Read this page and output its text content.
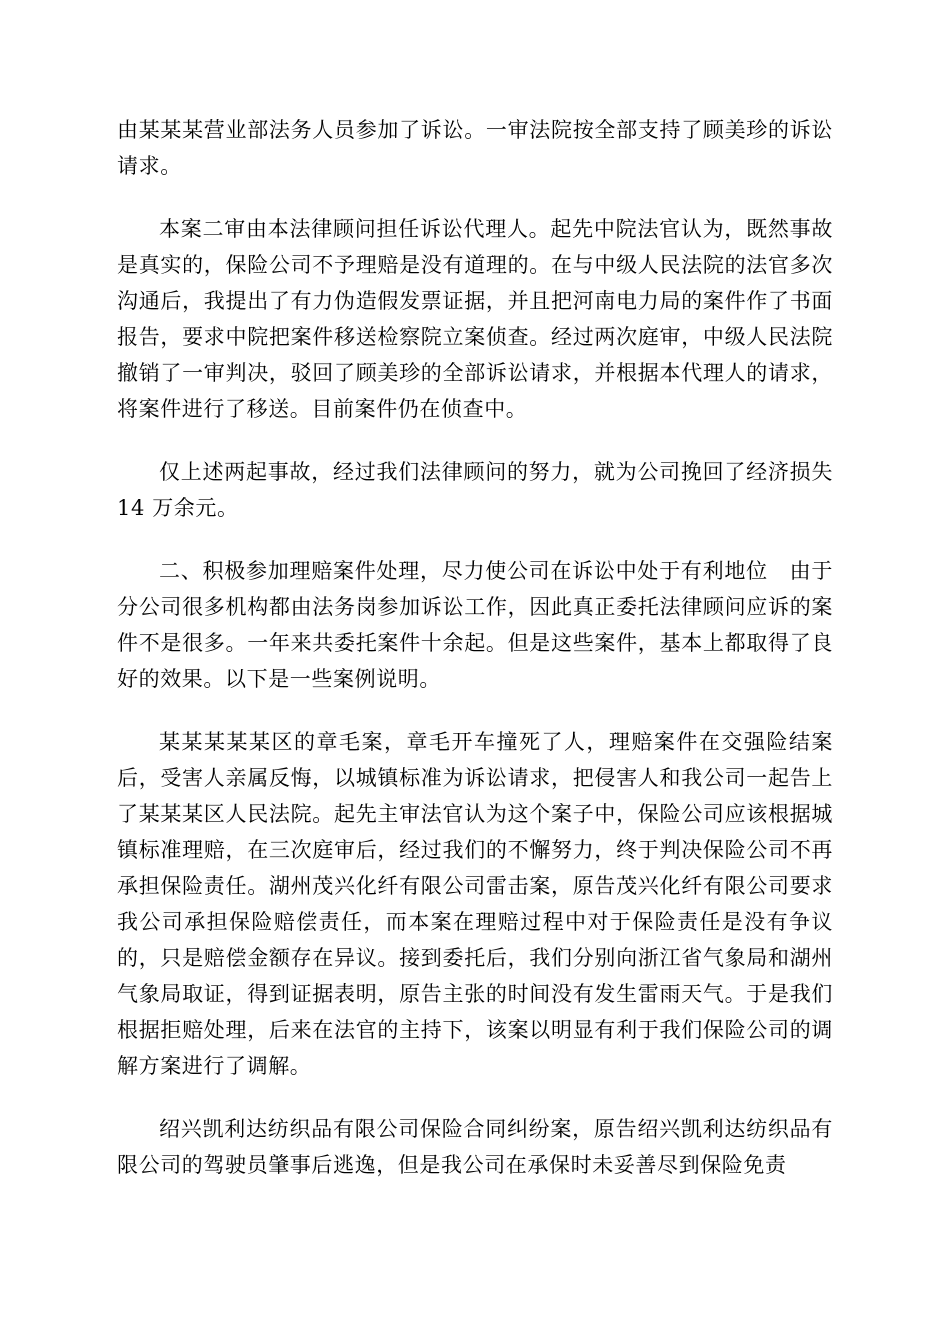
由某某某营业部法务人员参加了诉讼。一审法院按全部支持了顾美珍的诉讼请求。

本案二审由本法律顾问担任诉讼代理人。起先中院法官认为，既然事故是真实的，保险公司不予理赔是没有道理的。在与中级人民法院的法官多次沟通后，我提出了有力伪造假发票证据，并且把河南电力局的案件作了书面报告，要求中院把案件移送检察院立案侦查。经过两次庭审，中级人民法院撤销了一审判决，驳回了顾美珍的全部诉讼请求，并根据本代理人的请求，将案件进行了移送。目前案件仍在侦查中。

仅上述两起事故，经过我们法律顾问的努力，就为公司挽回了经济损失 14 万余元。

二、积极参加理赔案件处理，尽力使公司在诉讼中处于有利地位　由于分公司很多机构都由法务岗参加诉讼工作，因此真正委托法律顾问应诉的案件不是很多。一年来共委托案件十余起。但是这些案件，基本上都取得了良好的效果。以下是一些案例说明。

某某某某某区的章毛案，章毛开车撞死了人，理赔案件在交强险结案后，受害人亲属反悔，以城镇标准为诉讼请求，把侵害人和我公司一起告上了某某某区人民法院。起先主审法官认为这个案子中，保险公司应该根据城镇标准理赔，在三次庭审后，经过我们的不懈努力，终于判决保险公司不再承担保险责任。湖州茂兴化纤有限公司雷击案，原告茂兴化纤有限公司要求我公司承担保险赔偿责任，而本案在理赔过程中对于保险责任是没有争议的，只是赔偿金额存在异议。接到委托后，我们分别向浙江省气象局和湖州气象局取证，得到证据表明，原告主张的时间没有发生雷雨天气。于是我们根据拒赔处理，后来在法官的主持下，该案以明显有利于我们保险公司的调解方案进行了调解。

绍兴凯利达纺织品有限公司保险合同纠纷案，原告绍兴凯利达纺织品有限公司的驾驶员肇事后逃逸，但是我公司在承保时未妥善尽到保险免责
